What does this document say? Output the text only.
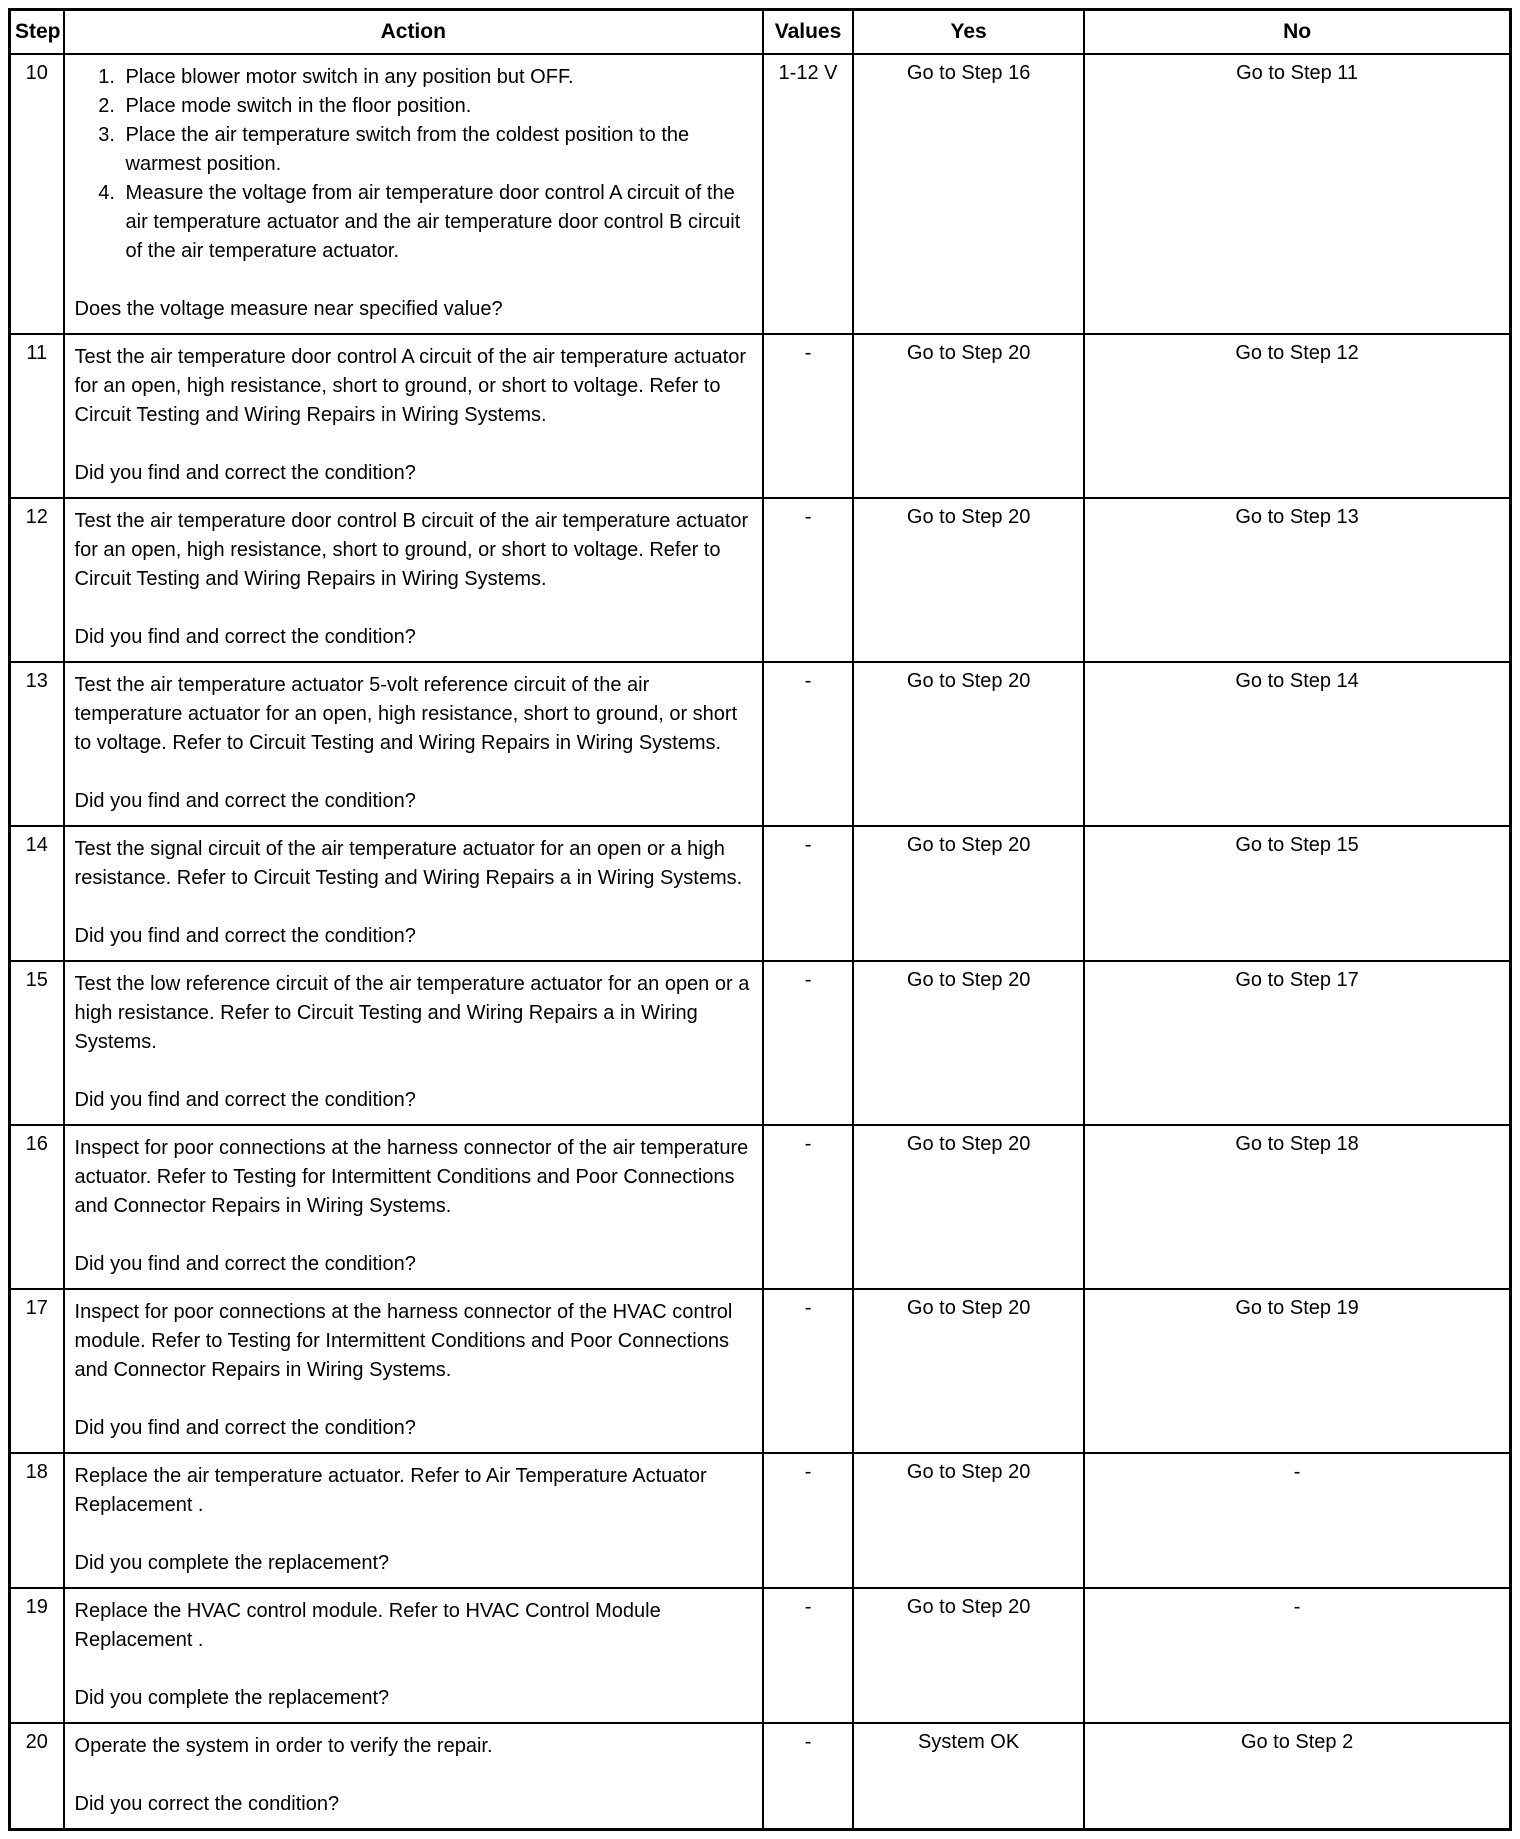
Step	Action	Values	Yes	No
10	
1.Place blower motor switch in any position but OFF.
2. Place mode switch in the floor position.
3. Place the air temperature switch from the coldest position to the warmest position.
4. Measure the voltage from air temperature door control A circuit of the air temperature actuator and the air temperature door control B circuit of the air temperature actuator.
Does the voltage measure near specified value?
	1-12 V	Go to Step 16	Go to Step 11
11	Test the air temperature door control A circuit of the air temperature actuator for an open, high resistance, short to ground, or short to voltage. Refer to Circuit Testing and Wiring Repairs in Wiring Systems.
Did you find and correct the condition?	-	Go to Step 20	Go to Step 12
12	Test the air temperature door control B circuit of the air temperature actuator for an open, high resistance, short to ground, or short to voltage. Refer to Circuit Testing and Wiring Repairs in Wiring Systems.
Did you find and correct the condition?	-	Go to Step 20	Go to Step 13
13	Test the air temperature actuator 5-volt reference circuit of the air temperature actuator for an open, high resistance, short to ground, or short to voltage. Refer to Circuit Testing and Wiring Repairs in Wiring Systems.
Did you find and correct the condition?	-	Go to Step 20	Go to Step 14
14	Test the signal circuit of the air temperature actuator for an open or a high resistance. Refer to Circuit Testing and Wiring Repairs a in Wiring Systems.
Did you find and correct the condition?	-	Go to Step 20	Go to Step 15
15	Test the low reference circuit of the air temperature actuator for an open or a high resistance. Refer to Circuit Testing and Wiring Repairs a in Wiring Systems.
Did you find and correct the condition?	-	Go to Step 20	Go to Step 17
16	Inspect for poor connections at the harness connector of the air temperature actuator. Refer to Testing for Intermittent Conditions and Poor Connections and Connector Repairs in Wiring Systems.
Did you find and correct the condition?	-	Go to Step 20	Go to Step 18
17	Inspect for poor connections at the harness connector of the HVAC control module. Refer to Testing for Intermittent Conditions and Poor Connections and Connector Repairs in Wiring Systems.
Did you find and correct the condition?	-	Go to Step 20	Go to Step 19
18	Replace the air temperature actuator. Refer to Air Temperature Actuator Replacement .
Did you complete the replacement?	-	Go to Step 20	-
19	Replace the HVAC control module. Refer to HVAC Control Module Replacement .
Did you complete the replacement?	-	Go to Step 20	-
20	Operate the system in order to verify the repair.
Did you correct the condition?	-	System OK	Go to Step 2
